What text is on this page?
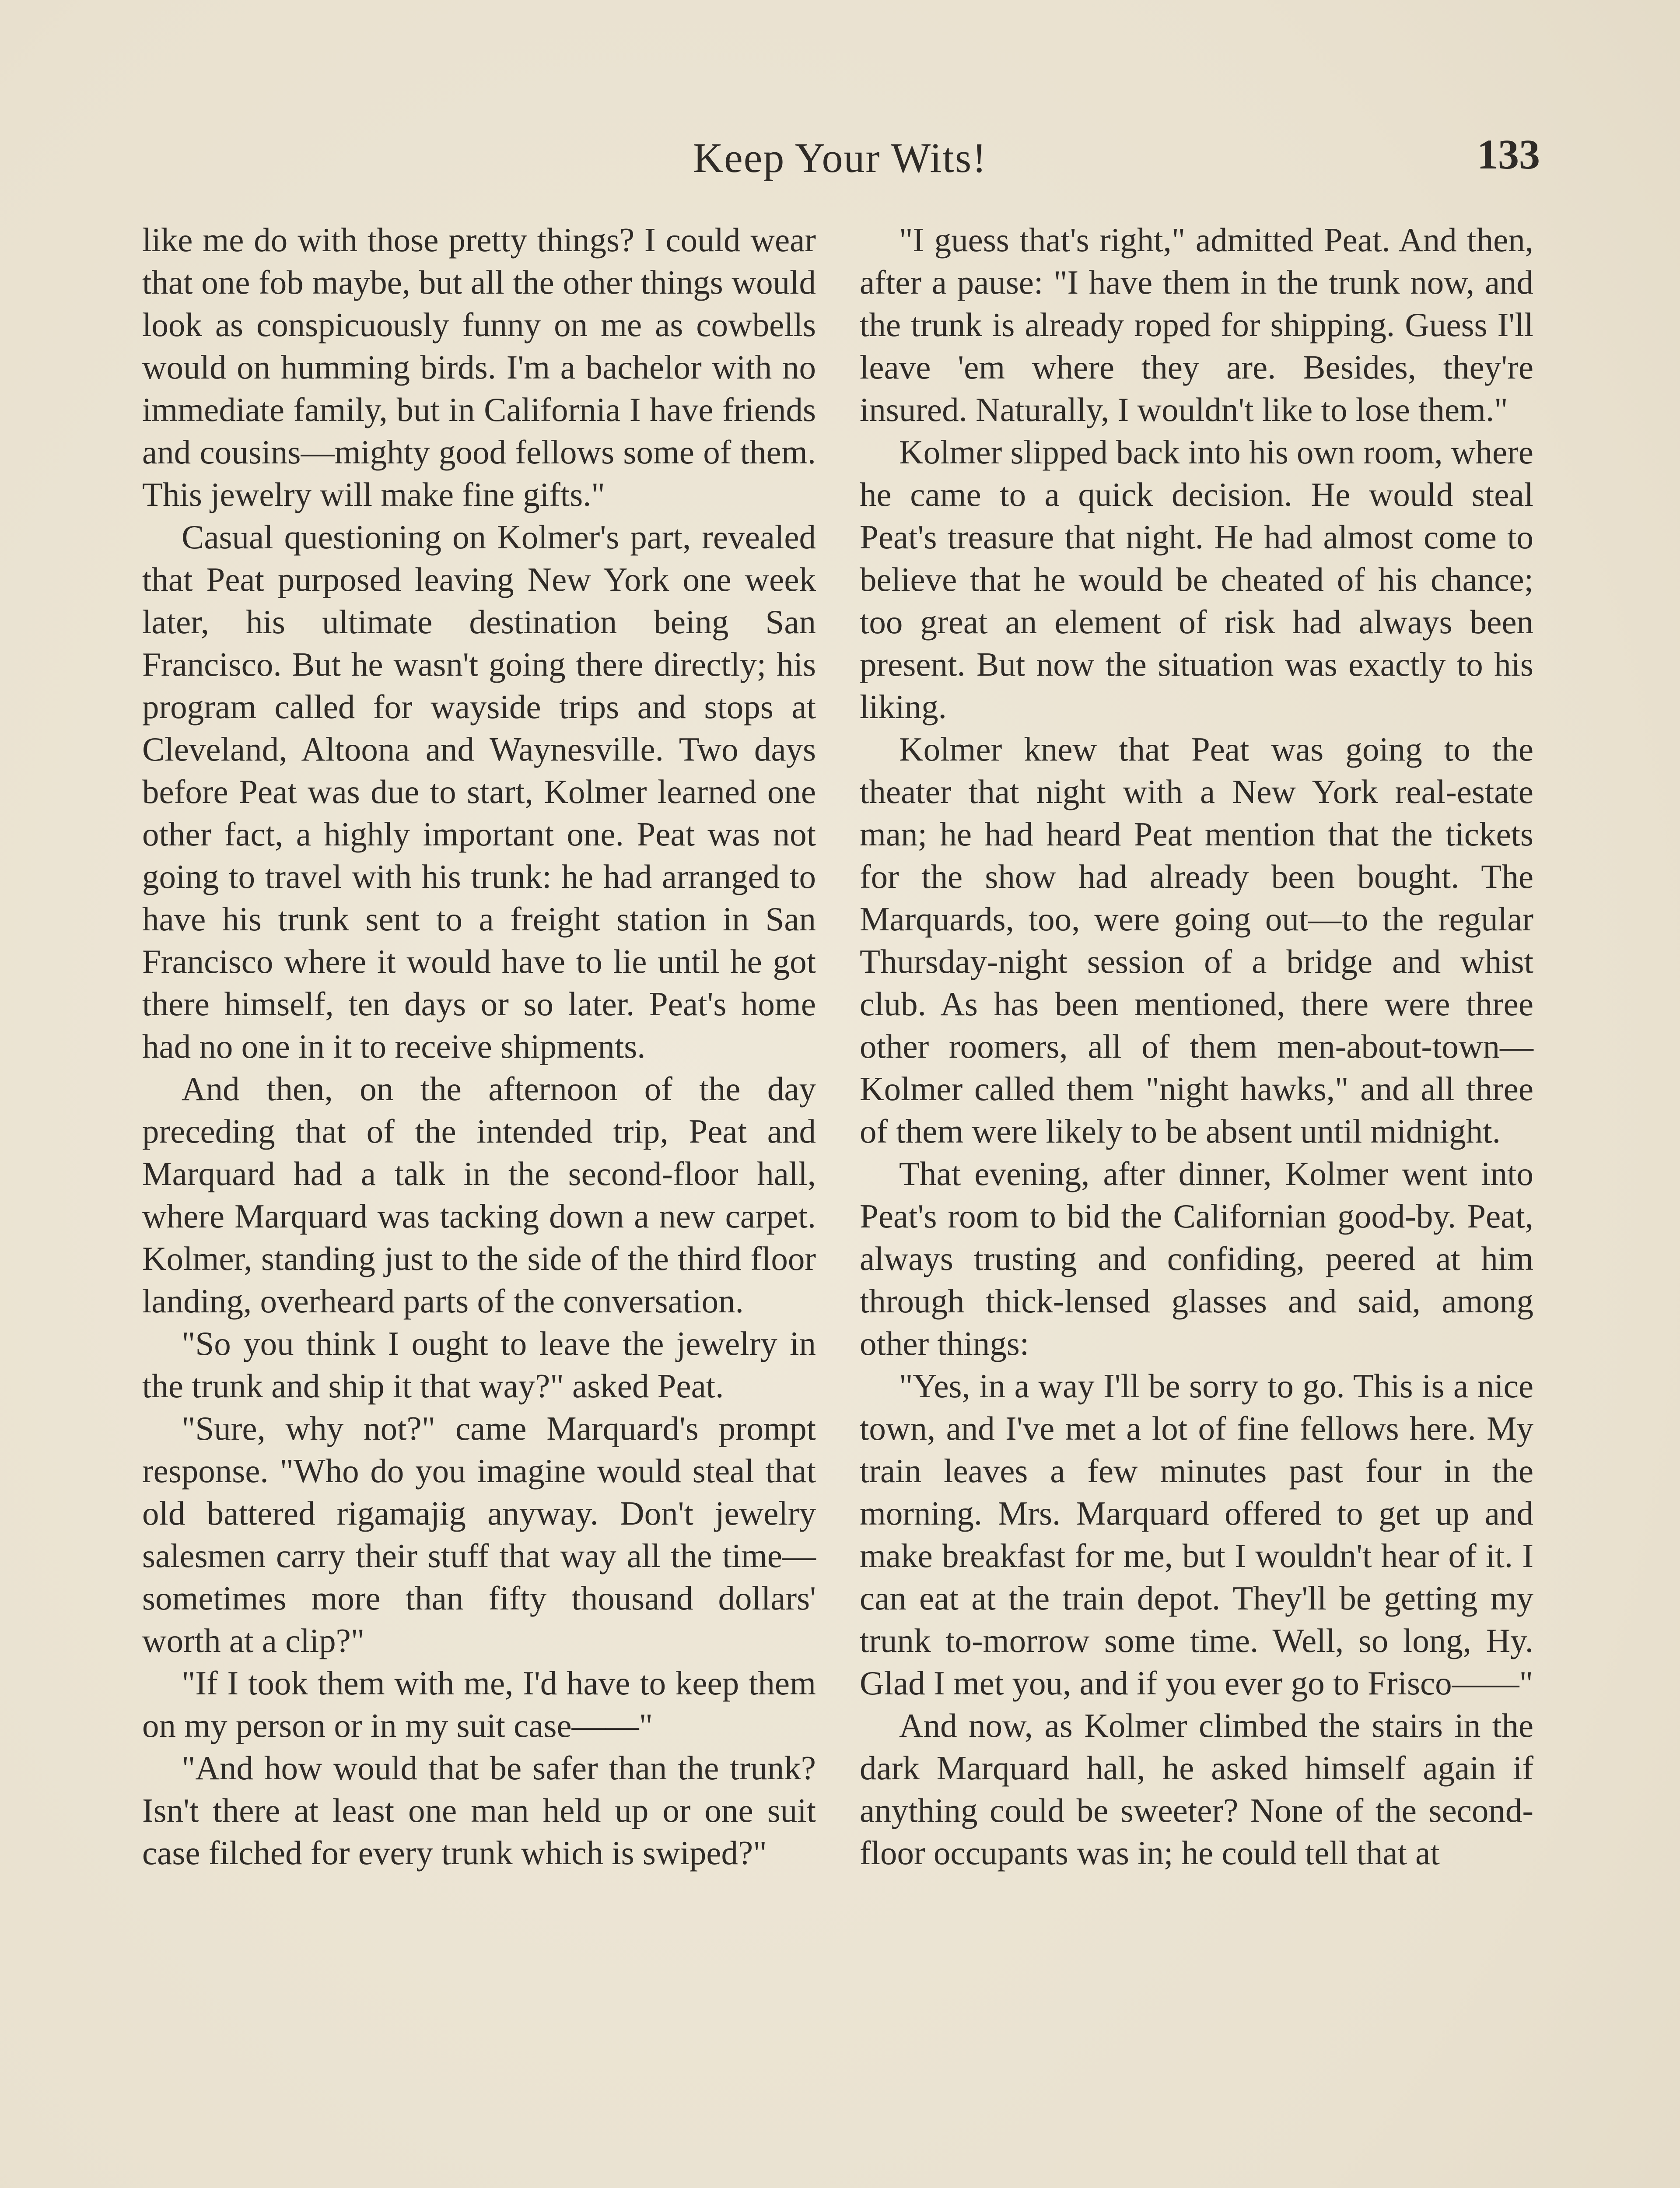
Keep Your Wits!	133

like me do with those pretty things? I could wear that one fob maybe, but all the other things would look as conspicuously funny on me as cowbells would on humming birds. I'm a bachelor with no immediate family, but in California I have friends and cousins—mighty good fellows some of them. This jewelry will make fine gifts."

Casual questioning on Kolmer's part, revealed that Peat purposed leaving New York one week later, his ultimate destination being San Francisco. But he wasn't going there directly; his program called for wayside trips and stops at Cleveland, Altoona and Waynesville. Two days before Peat was due to start, Kolmer learned one other fact, a highly important one. Peat was not going to travel with his trunk: he had arranged to have his trunk sent to a freight station in San Francisco where it would have to lie until he got there himself, ten days or so later. Peat's home had no one in it to receive shipments.

And then, on the afternoon of the day preceding that of the intended trip, Peat and Marquard had a talk in the second-floor hall, where Marquard was tacking down a new carpet. Kolmer, standing just to the side of the third floor landing, overheard parts of the conversation.

"So you think I ought to leave the jewelry in the trunk and ship it that way?" asked Peat.

"Sure, why not?" came Marquard's prompt response. "Who do you imagine would steal that old battered rigamajig anyway. Don't jewelry salesmen carry their stuff that way all the time—sometimes more than fifty thousand dollars' worth at a clip?"

"If I took them with me, I'd have to keep them on my person or in my suit case——"

"And how would that be safer than the trunk? Isn't there at least one man held up or one suit case filched for every trunk which is swiped?"

"I guess that's right," admitted Peat. And then, after a pause: "I have them in the trunk now, and the trunk is already roped for shipping. Guess I'll leave 'em where they are. Besides, they're insured. Naturally, I wouldn't like to lose them."

Kolmer slipped back into his own room, where he came to a quick decision. He would steal Peat's treasure that night. He had almost come to believe that he would be cheated of his chance; too great an element of risk had always been present. But now the situation was exactly to his liking.

Kolmer knew that Peat was going to the theater that night with a New York real-estate man; he had heard Peat mention that the tickets for the show had already been bought. The Marquards, too, were going out—to the regular Thursday-night session of a bridge and whist club. As has been mentioned, there were three other roomers, all of them men-about-town—Kolmer called them "night hawks," and all three of them were likely to be absent until midnight.

That evening, after dinner, Kolmer went into Peat's room to bid the Californian good-by. Peat, always trusting and confiding, peered at him through thick-lensed glasses and said, among other things:

"Yes, in a way I'll be sorry to go. This is a nice town, and I've met a lot of fine fellows here. My train leaves a few minutes past four in the morning. Mrs. Marquard offered to get up and make breakfast for me, but I wouldn't hear of it. I can eat at the train depot. They'll be getting my trunk to-morrow some time. Well, so long, Hy. Glad I met you, and if you ever go to Frisco——"

And now, as Kolmer climbed the stairs in the dark Marquard hall, he asked himself again if anything could be sweeter? None of the second-floor occupants was in; he could tell that at
